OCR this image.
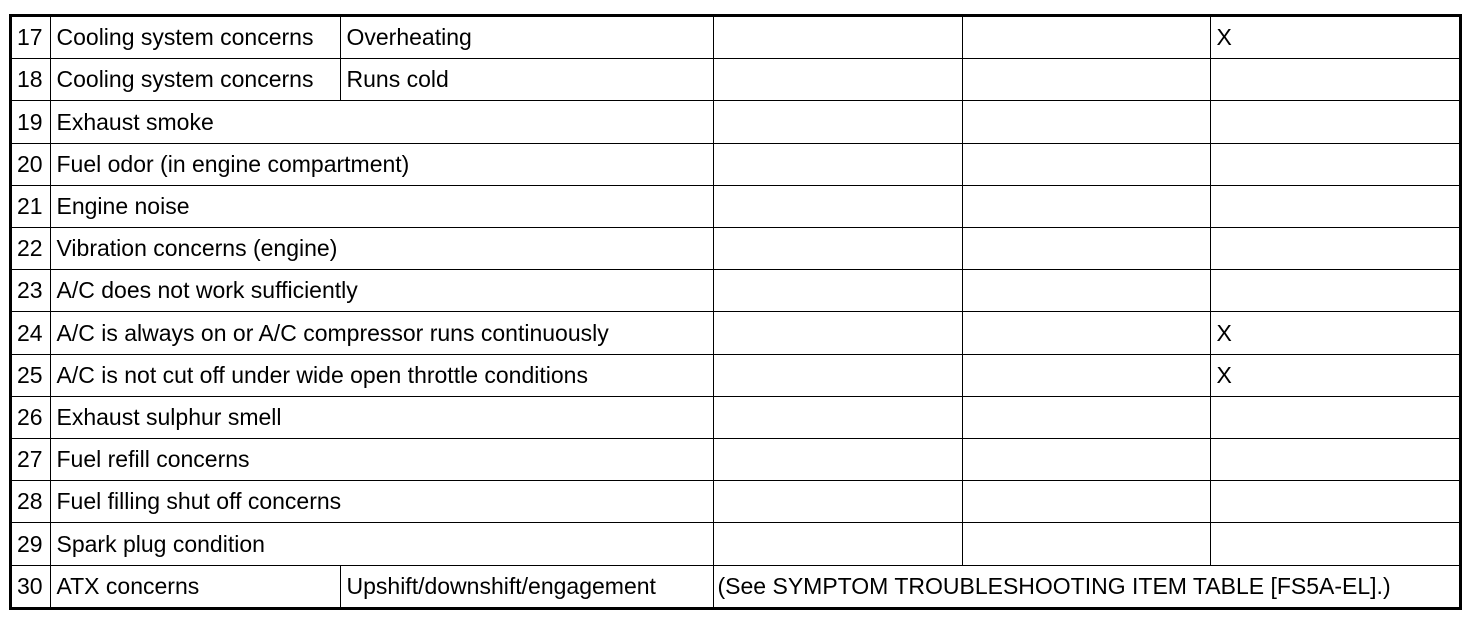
17	Cooling system concerns	Overheating			X
18	Cooling system concerns	Runs cold			
19	Exhaust smoke				
20	Fuel odor (in engine compartment)				
21	Engine noise				
22	Vibration concerns (engine)				
23	A/C does not work sufficiently				
24	A/C is always on or A/C compressor runs continuously				X
25	A/C is not cut off under wide open throttle conditions				X
26	Exhaust sulphur smell				
27	Fuel refill concerns				
28	Fuel filling shut off concerns				
29	Spark plug condition				
30	ATX concerns	Upshift/downshift/engagement	(See SYMPTOM TROUBLESHOOTING ITEM TABLE [FS5A-EL].)		
